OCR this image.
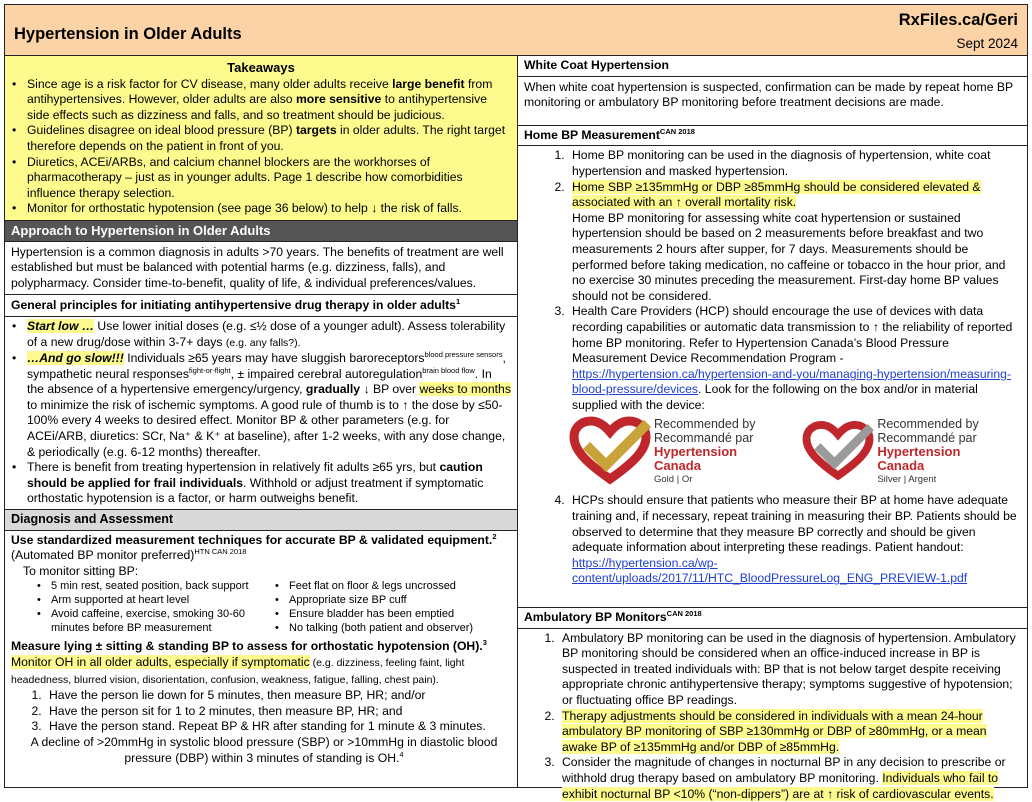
Hypertension in Older Adults
RxFiles.ca/Geri
Sept 2024
Takeaways
• Since age is a risk factor for CV disease, many older adults receive large benefit from antihypertensives. However, older adults are also more sensitive to antihypertensive side effects such as dizziness and falls, and so treatment should be judicious.
• Guidelines disagree on ideal blood pressure (BP) targets in older adults. The right target therefore depends on the patient in front of you.
• Diuretics, ACEi/ARBs, and calcium channel blockers are the workhorses of pharmacotherapy – just as in younger adults. Page 1 describe how comorbidities influence therapy selection.
• Monitor for orthostatic hypotension (see page 36 below) to help ↓ the risk of falls.
Approach to Hypertension in Older Adults
Hypertension is a common diagnosis in adults >70 years. The benefits of treatment are well established but must be balanced with potential harms (e.g. dizziness, falls), and polypharmacy. Consider time-to-benefit, quality of life, & individual preferences/values.
General principles for initiating antihypertensive drug therapy in older adults$^1$
• Start low … Use lower initial doses (e.g. ≤½ dose of a younger adult). Assess tolerability of a new drug/dose within 3-7+ days (e.g. any falls?).
• …And go slow!!! Individuals ≥65 years may have sluggish baroreceptors$^{blood pressure sensors}$, sympathetic neural responses$^{fight-or-flight}$, ± impaired cerebral autoregulation$^{brain blood flow}$. In the absence of a hypertensive emergency/urgency, gradually ↓ BP over weeks to months to minimize the risk of ischemic symptoms. A good rule of thumb is to ↑ the dose by ≤50-100% every 4 weeks to desired effect. Monitor BP & other parameters (e.g. for ACEi/ARB, diuretics: SCr, Na⁺ & K⁺ at baseline), after 1-2 weeks, with any dose change, & periodically (e.g. 6-12 months) thereafter.
• There is benefit from treating hypertension in relatively fit adults ≥65 yrs, but caution should be applied for frail individuals. Withhold or adjust treatment if symptomatic orthostatic hypotension is a factor, or harm outweighs benefit.
Diagnosis and Assessment
Use standardized measurement techniques for accurate BP & validated equipment.$^2$
(Automated BP monitor preferred)$^{HTN CAN 2018}$
To monitor sitting BP:
• 5 min rest, seated position, back support
• Arm supported at heart level
• Avoid caffeine, exercise, smoking 30-60 minutes before BP measurement
• Feet flat on floor & legs uncrossed
• Appropriate size BP cuff
• Ensure bladder has been emptied
• No talking (both patient and observer)
Measure lying ± sitting & standing BP to assess for orthostatic hypotension (OH).$^3$
Monitor OH in all older adults, especially if symptomatic (e.g. dizziness, feeling faint, light headedness, blurred vision, disorientation, confusion, weakness, fatigue, falling, chest pain).
1. Have the person lie down for 5 minutes, then measure BP, HR; and/or
2. Have the person sit for 1 to 2 minutes, then measure BP, HR; and
3. Have the person stand. Repeat BP & HR after standing for 1 minute & 3 minutes.
A decline of >20mmHg in systolic blood pressure (SBP) or >10mmHg in diastolic blood pressure (DBP) within 3 minutes of standing is OH.$^4$
White Coat Hypertension
When white coat hypertension is suspected, confirmation can be made by repeat home BP monitoring or ambulatory BP monitoring before treatment decisions are made.
Home BP Measurement$^{CAN 2018}$
1. Home BP monitoring can be used in the diagnosis of hypertension, white coat hypertension and masked hypertension.
2. Home SBP ≥135mmHg or DBP ≥85mmHg should be considered elevated & associated with an ↑ overall mortality risk.
Home BP monitoring for assessing white coat hypertension or sustained hypertension should be based on 2 measurements before breakfast and two measurements 2 hours after supper, for 7 days. Measurements should be performed before taking medication, no caffeine or tobacco in the hour prior, and no exercise 30 minutes preceding the measurement. First-day home BP values should not be considered.
3. Health Care Providers (HCP) should encourage the use of devices with data recording capabilities or automatic data transmission to ↑ the reliability of reported home BP monitoring. Refer to Hypertension Canada’s Blood Pressure Measurement Device Recommendation Program - https://hypertension.ca/hypertension-and-you/managing-hypertension/measuring-blood-pressure/devices. Look for the following on the box and/or in material supplied with the device:
Recommended by
Recommandé par
Hypertension Canada
Gold | Or
Recommended by
Recommandé par
Hypertension Canada
Silver | Argent
4. HCPs should ensure that patients who measure their BP at home have adequate training and, if necessary, repeat training in measuring their BP. Patients should be observed to determine that they measure BP correctly and should be given adequate information about interpreting these readings. Patient handout: https://hypertension.ca/wp-content/uploads/2017/11/HTC_BloodPressureLog_ENG_PREVIEW-1.pdf
Ambulatory BP Monitors$^{CAN 2018}$
1. Ambulatory BP monitoring can be used in the diagnosis of hypertension. Ambulatory BP monitoring should be considered when an office-induced increase in BP is suspected in treated individuals with: BP that is not below target despite receiving appropriate chronic antihypertensive therapy; symptoms suggestive of hypotension; or fluctuating office BP readings.
2. Therapy adjustments should be considered in individuals with a mean 24-hour ambulatory BP monitoring of SBP ≥130mmHg or DBP of ≥80mmHg, or a mean awake BP of ≥135mmHg and/or DBP of ≥85mmHg.
3. Consider the magnitude of changes in nocturnal BP in any decision to prescribe or withhold drug therapy based on ambulatory BP monitoring. Individuals who fail to exhibit nocturnal BP <10% (“non-dippers”) are at ↑ risk of cardiovascular events.
